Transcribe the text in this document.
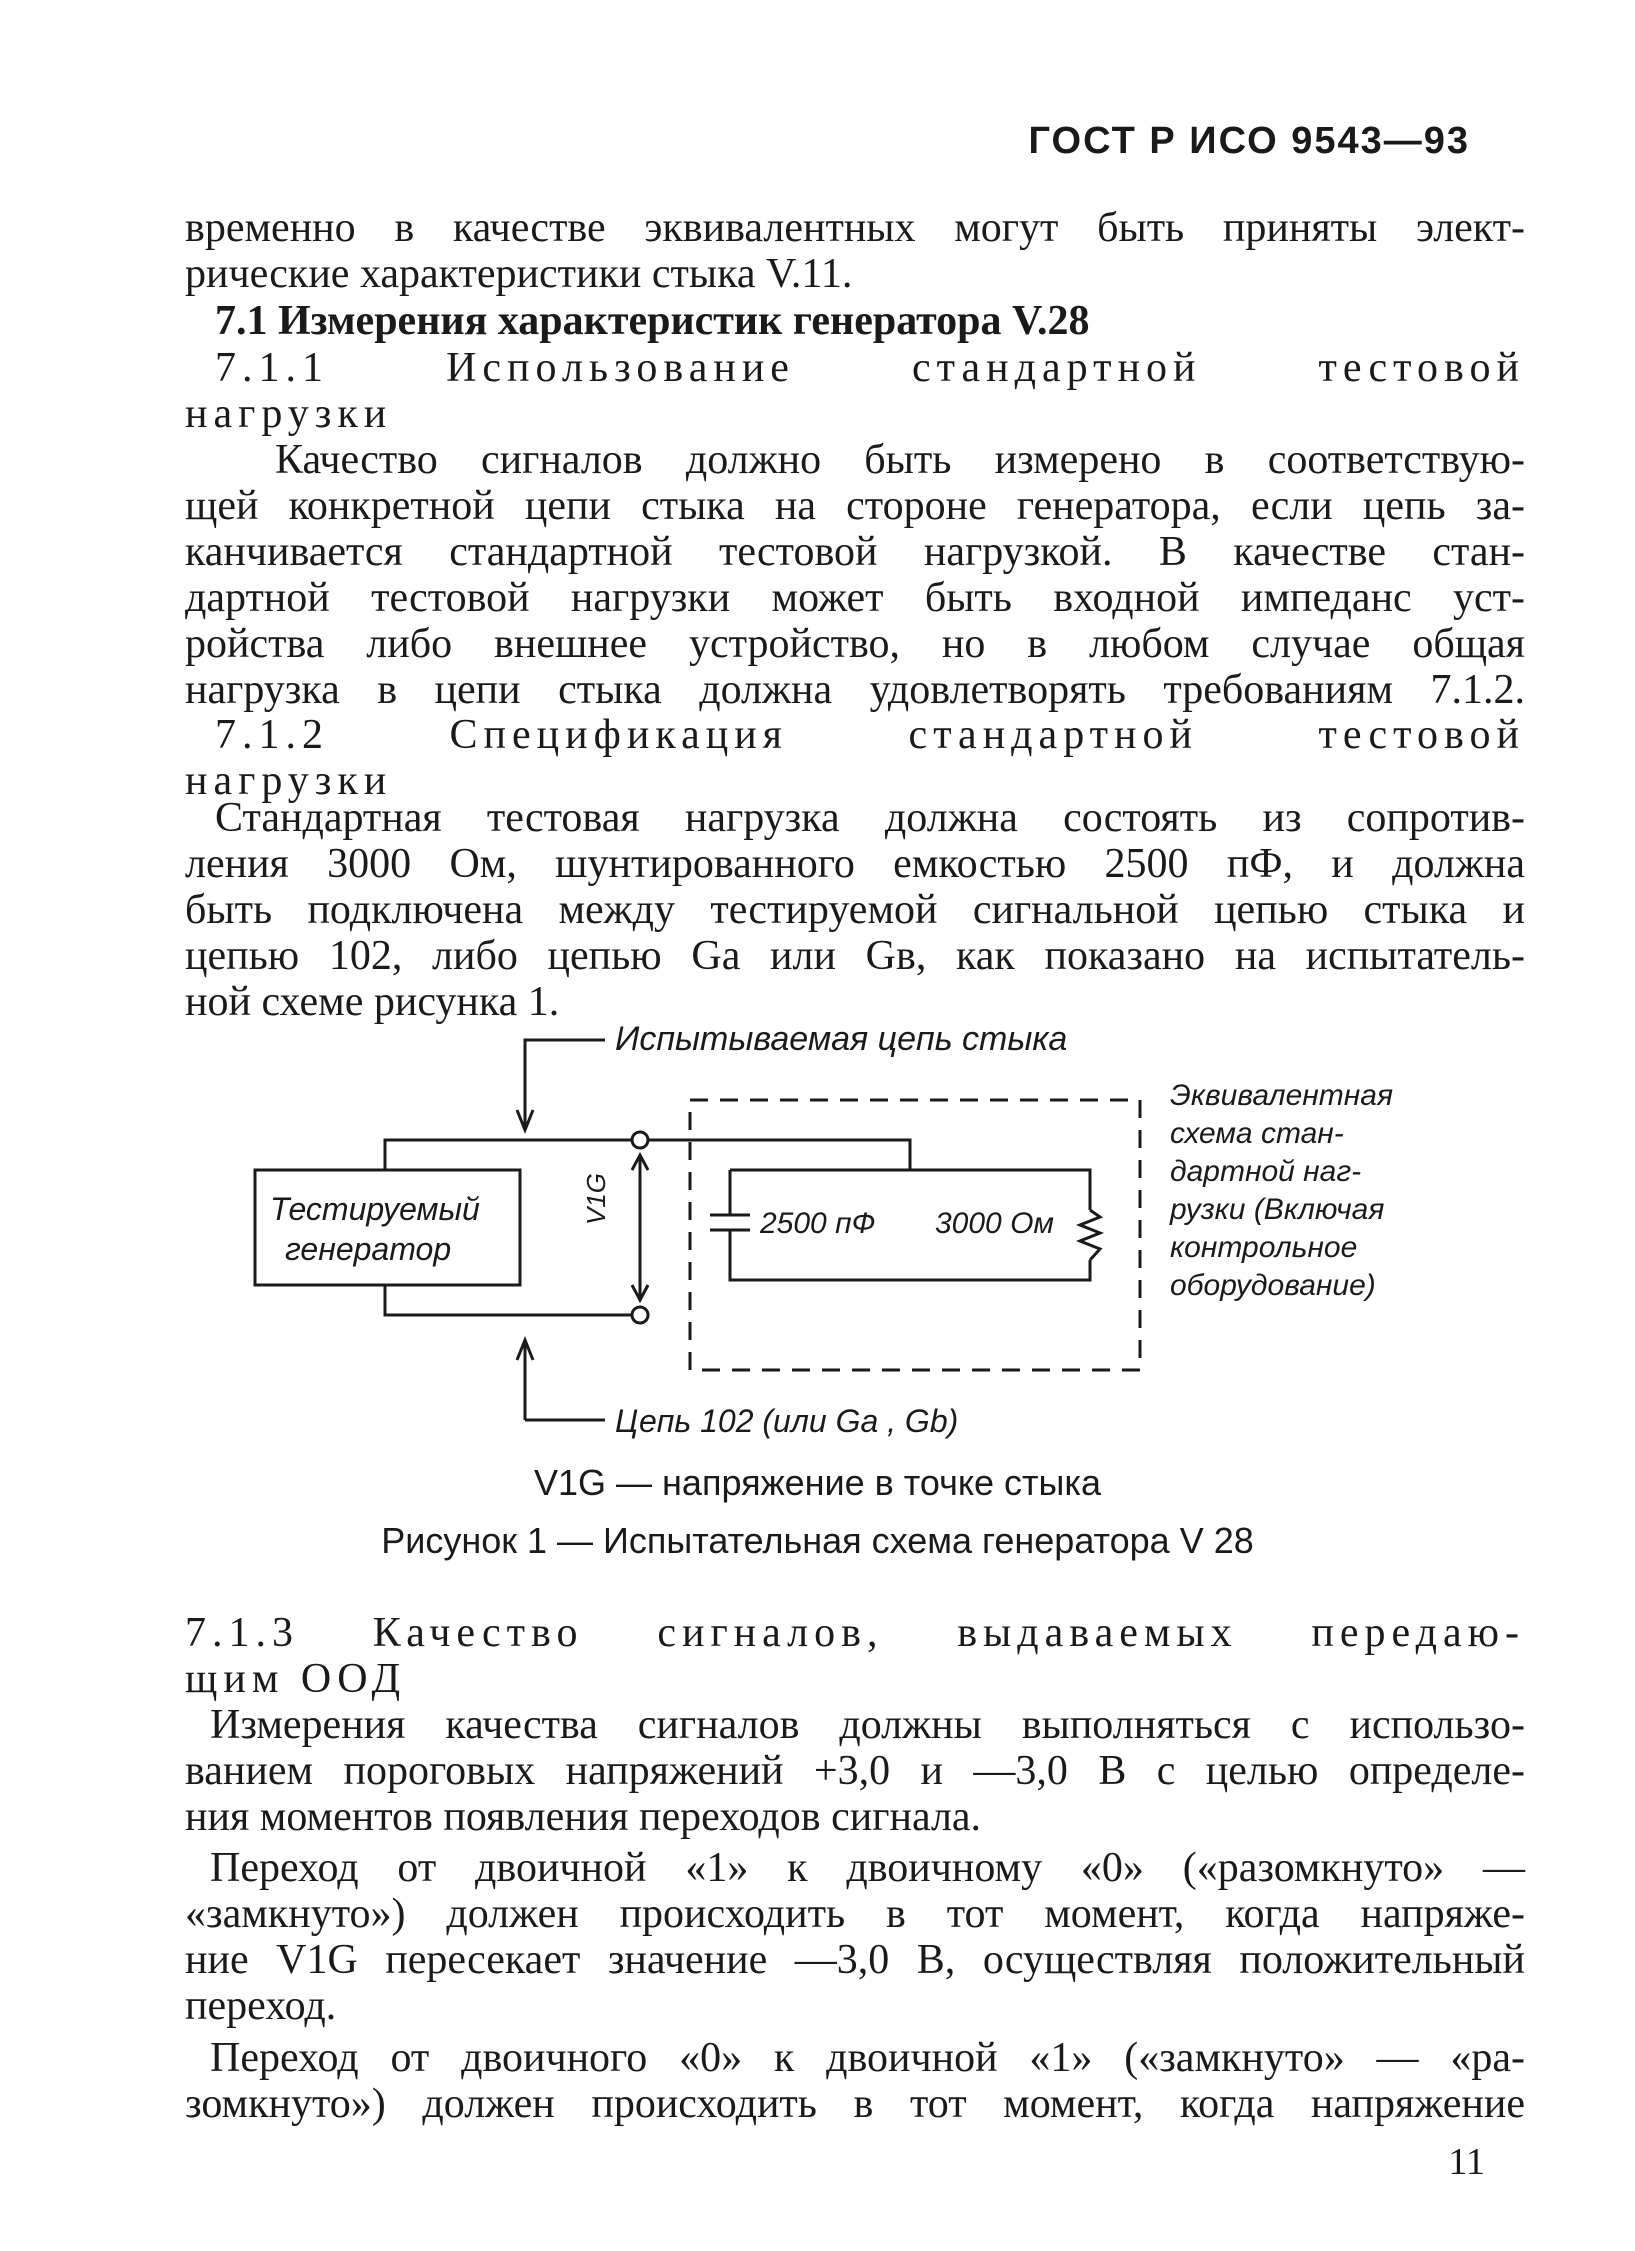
ГОСТ Р ИСО 9543—93
временно в качестве эквивалентных могут быть приняты элект-
рические характеристики стыка V.11.
7.1 Измерения характеристик генератора V.28
7.1.1 Использование стандартной тестовой
нагрузки
Качество сигналов должно быть измерено в соответствую-
щей конкретной цепи стыка на стороне генератора, если цепь за-
канчивается стандартной тестовой нагрузкой. В качестве стан-
дартной тестовой нагрузки может быть входной импеданс уст-
ройства либо внешнее устройство, но в любом случае общая
нагрузка в цепи стыка должна удовлетворять требованиям 7.1.2.
7.1.2 Спецификация стандартной тестовой
нагрузки
Стандартная тестовая нагрузка должна состоять из сопротив-
ления 3000 Ом, шунтированного емкостью 2500 пФ, и должна
быть подключена между тестируемой сигнальной цепью стыка и
цепью 102, либо цепью Gа или Gв, как показано на испытатель-
ной схеме рисунка 1.
Испытываемая цепь стыка
Тестируемый
генератор
V1G	2500 пФ 3000 Ом
Эквивалентная
схема стан-
дартной наг-
рузки (Включая
контрольное
оборудование)
Цепь 102 (или Ga , Gb)
V1G — напряжение в точке стыка
Рисунок 1 — Испытательная схема генератора V 28
7.1.3 Качество сигналов, выдаваемых передаю-
щим ООД
Измерения качества сигналов должны выполняться с использо-
ванием пороговых напряжений +3,0 и —3,0 В с целью определе-
ния моментов появления переходов сигнала.
Переход от двоичной «1» к двоичному «0» («разомкнуто» —
«замкнуто») должен происходить в тот момент, когда напряже-
ние V1G пересекает значение —3,0 В, осуществляя положительный
переход.
Переход от двоичного «0» к двоичной «1» («замкнуто» — «ра-
зомкнуто») должен происходить в тот момент, когда напряжение
11
